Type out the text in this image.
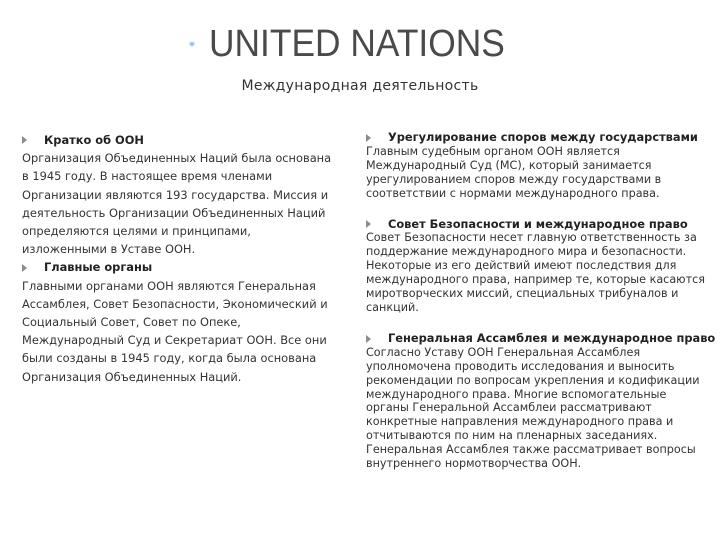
UNITED NATIONS
Международная деятельность
Кратко об ООН

Организация Объединенных Наций была основана в 1945 году. В настоящее время членами Организации являются 193 государства. Миссия и деятельность Организации Объединенных Наций определяются целями и принципами, изложенными в Уставе ООН.

Главные органы

Главными органами ООН являются Генеральная Ассамблея, Совет Безопасности, Экономический и Социальный Совет, Совет по Опеке, Международный Суд и Секретариат ООН. Все они были созданы в 1945 году, когда была основана Организация Объединенных Наций.

Урегулирование споров между государствами

Главным судебным органом ООН является Международный Суд (МС), который занимается урегулированием споров между государствами в соответствии с нормами международного права.

Совет Безопасности и международное право

Совет Безопасности несет главную ответственность за поддержание международного мира и безопасности. Некоторые из его действий имеют последствия для международного права, например те, которые касаются миротворческих миссий, специальных трибуналов и санкций.

Генеральная Ассамблея и международное право

Согласно Уставу ООН Генеральная Ассамблея уполномочена проводить исследования и выносить рекомендации по вопросам укрепления и кодификации международного права. Многие вспомогательные органы Генеральной Ассамблеи рассматривают конкретные направления международного права и отчитываются по ним на пленарных заседаниях. Генеральная Ассамблея также рассматривает вопросы внутреннего нормотворчества ООН.
